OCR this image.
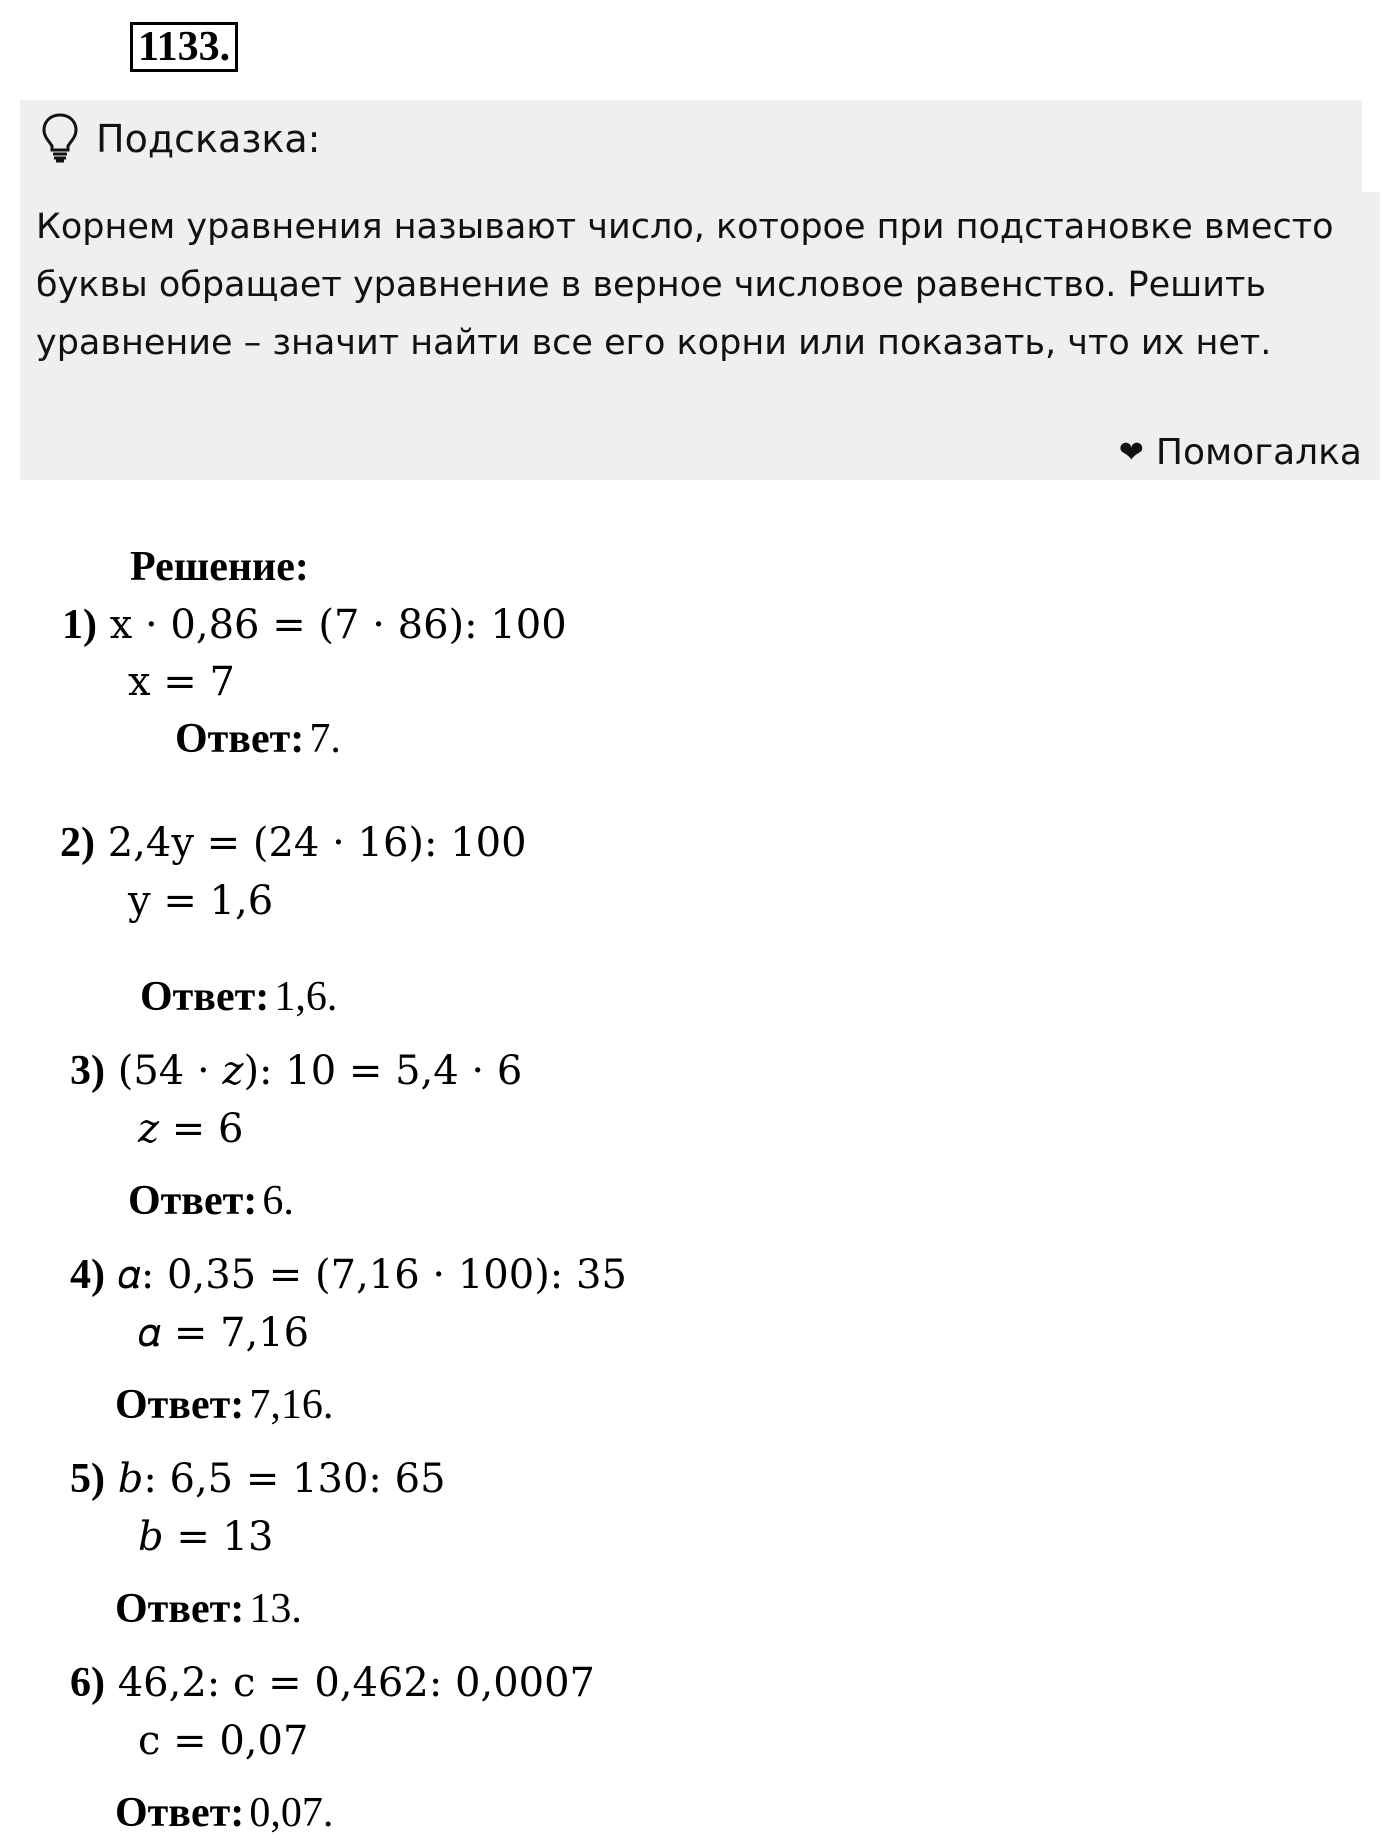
1133.
Подсказка:
Корнем уравнения называют число, которое при подстановке вместо буквы обращает уравнение в верное числовое равенство. Решить уравнение – значит найти все его корни или показать, что их нет.
❤ Помогалка
Решение:
1) x · 0,86 = (7 · 86): 100
x = 7
Ответ: 7.
2) 2,4y = (24 · 16): 100
y = 1,6
Ответ: 1,6.
3) (54 · 𝑧): 10 = 5,4 · 6
𝑧 = 6
Ответ: 6.
4) 𝛼: 0,35 = (7,16 · 100): 35
𝛼 = 7,16
Ответ: 7,16.
5) 𝑏: 6,5 = 130: 65
𝑏 = 13
Ответ: 13.
6) 46,2: c = 0,462: 0,0007
c = 0,07
Ответ: 0,07.
